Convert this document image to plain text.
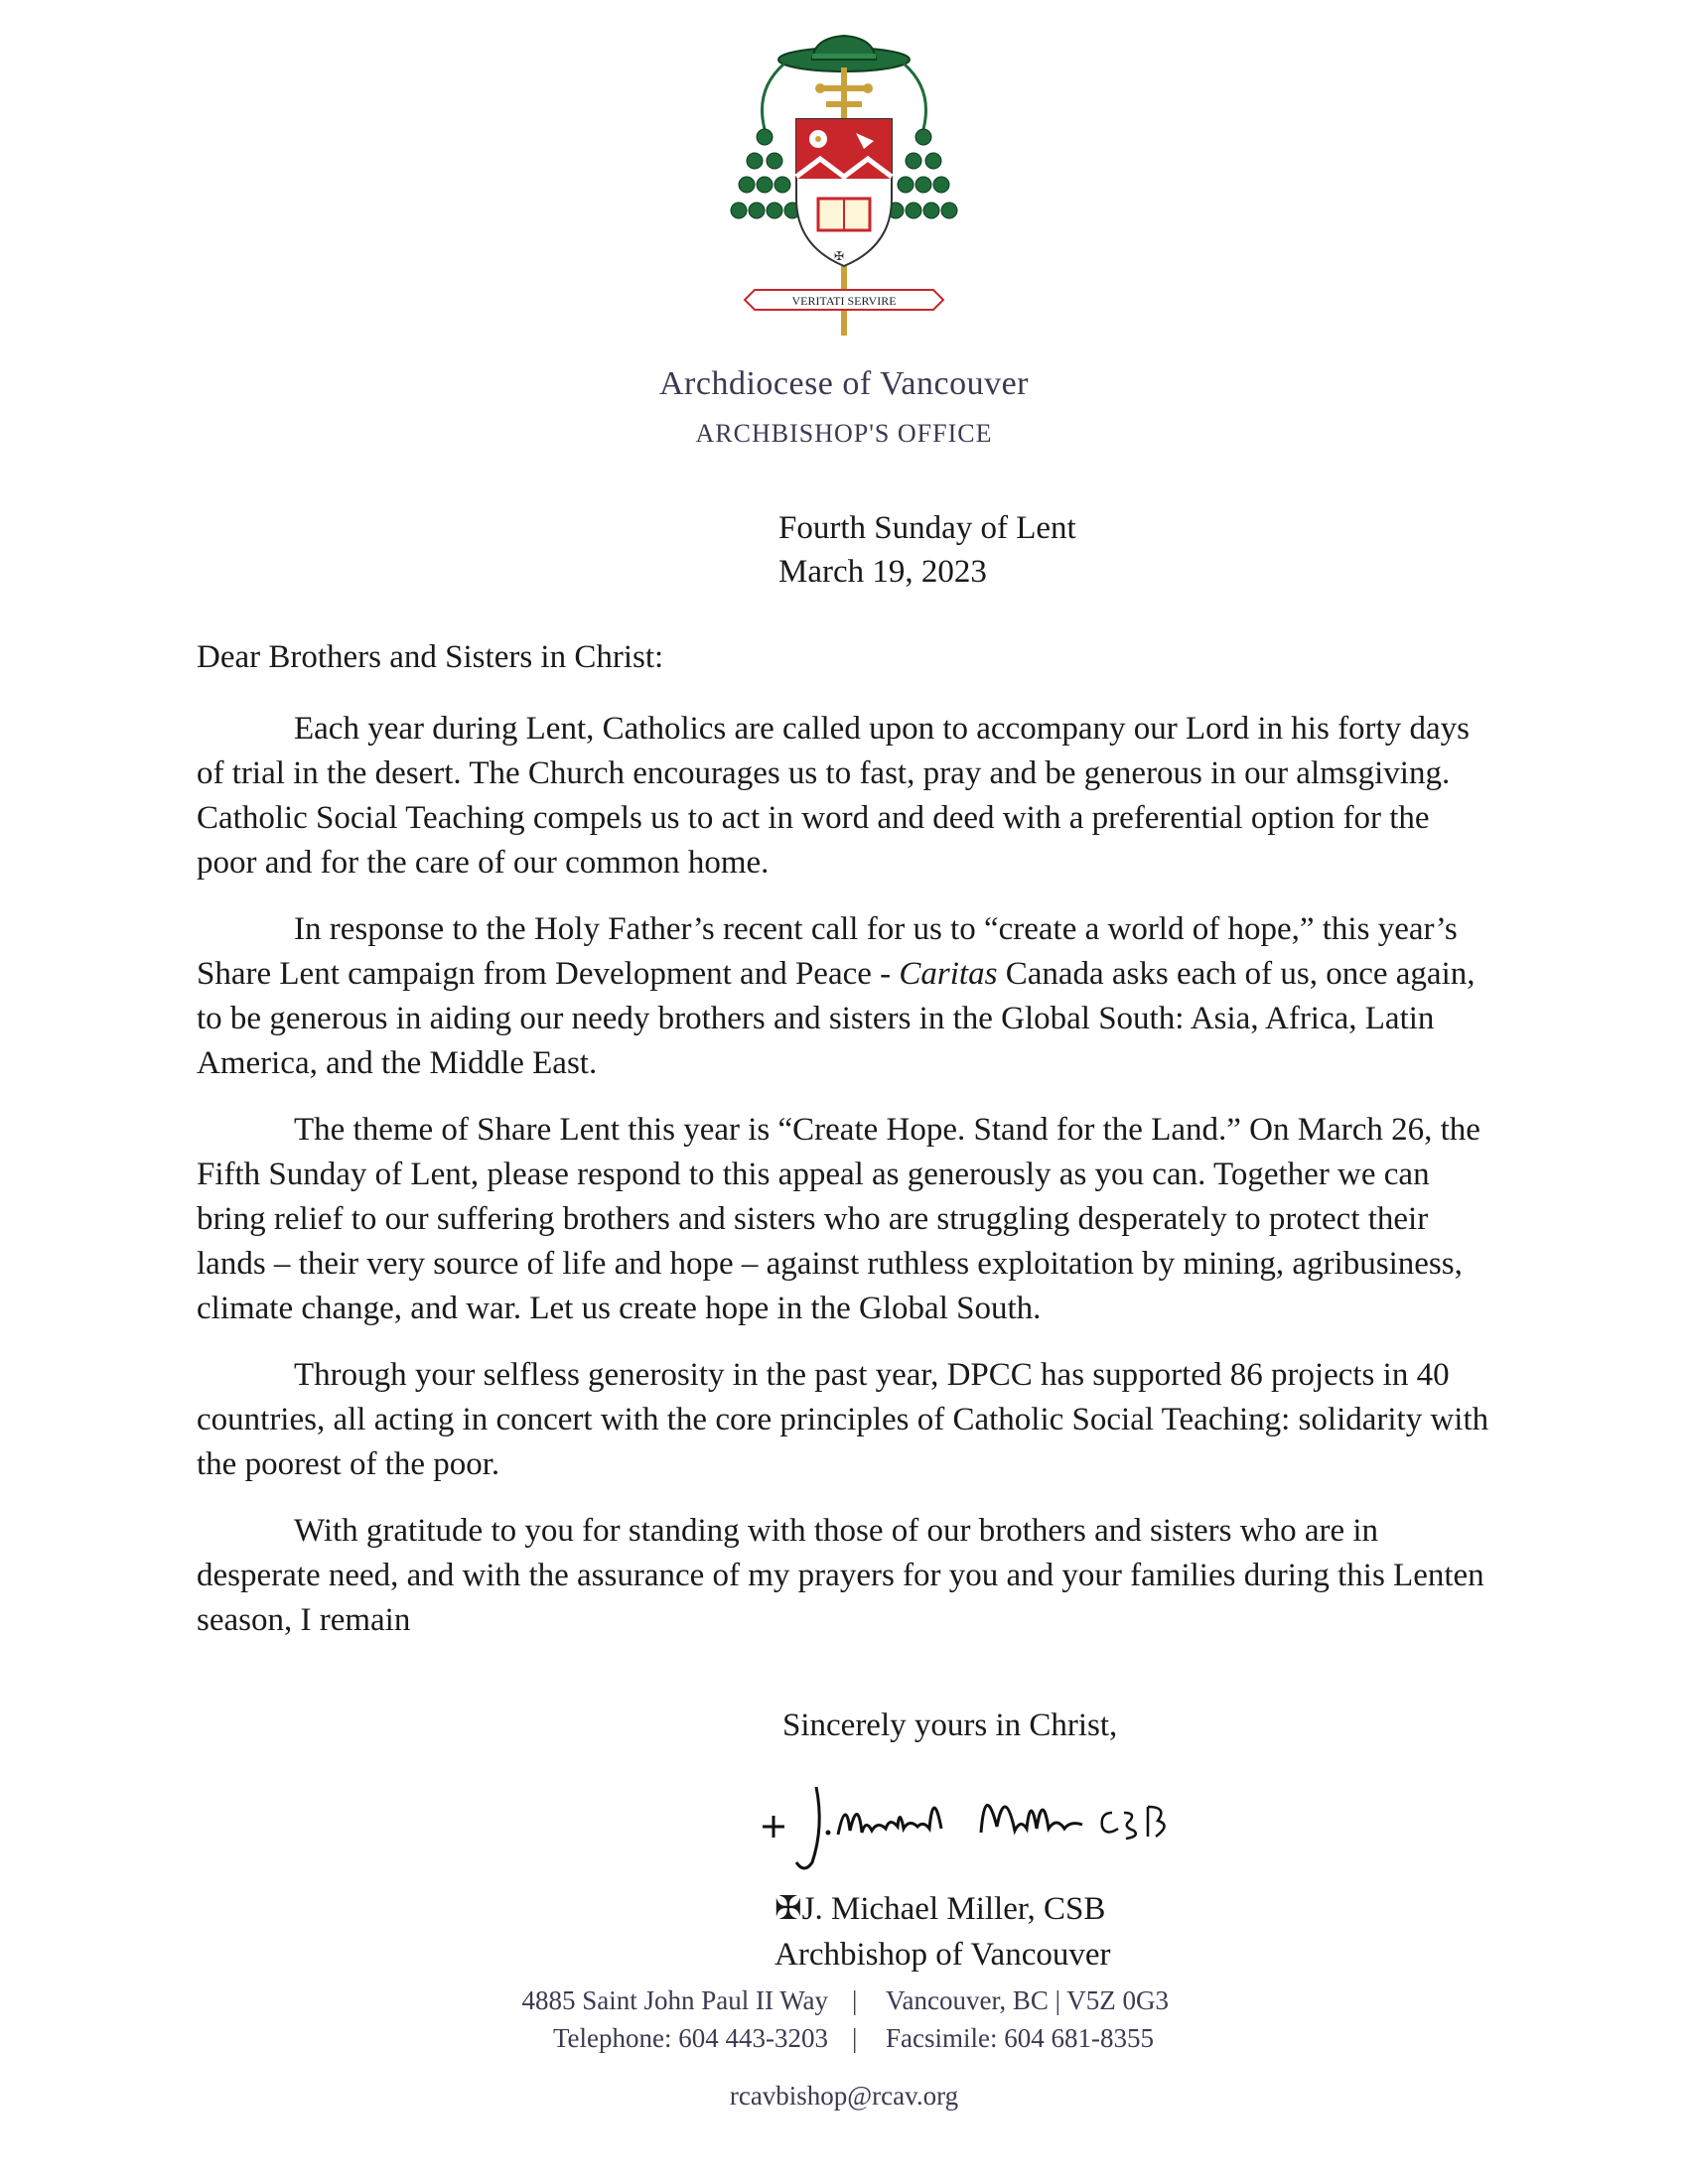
✠
VERITATI SERVIRE
Archdiocese of Vancouver
ARCHBISHOP'S OFFICE
Fourth Sunday of Lent
March 19, 2023
Dear Brothers and Sisters in Christ:

Each year during Lent, Catholics are called upon to accompany our Lord in his forty days of trial in the desert. The Church encourages us to fast, pray and be generous in our almsgiving. Catholic Social Teaching compels us to act in word and deed with a preferential option for the poor and for the care of our common home.

In response to the Holy Father’s recent call for us to “create a world of hope,” this year’s Share Lent campaign from Development and Peace - Caritas Canada asks each of us, once again, to be generous in aiding our needy brothers and sisters in the Global South: Asia, Africa, Latin America, and the Middle East.

The theme of Share Lent this year is “Create Hope. Stand for the Land.” On March 26, the Fifth Sunday of Lent, please respond to this appeal as generously as you can. Together we can bring relief to our suffering brothers and sisters who are struggling desperately to protect their lands – their very source of life and hope – against ruthless exploitation by mining, agribusiness, climate change, and war. Let us create hope in the Global South.

Through your selfless generosity in the past year, DPCC has supported 86 projects in 40 countries, all acting in concert with the core principles of Catholic Social Teaching: solidarity with the poorest of the poor.

With gratitude to you for standing with those of our brothers and sisters who are in desperate need, and with the assurance of my prayers for you and your families during this Lenten season, I remain

Sincerely yours in Christ,
✠J. Michael Miller, CSB
Archbishop of Vancouver
4885 Saint John Paul II Way | Vancouver, BC | V5Z 0G3
Telephone: 604 443-3203 | Facsimile: 604 681-8355
rcavbishop@rcav.org
